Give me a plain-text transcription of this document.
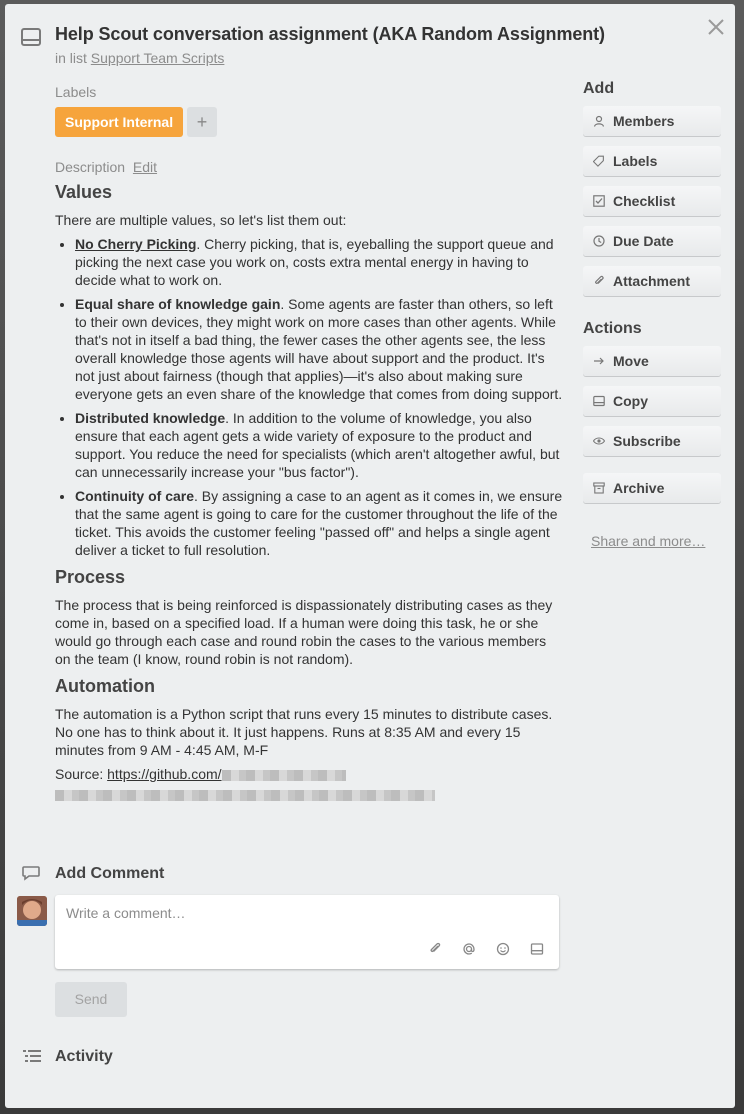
Help Scout conversation assignment (AKA Random Assignment)
in list Support Team Scripts
Labels
Support Internal	+
Description Edit
Values

There are multiple values, so let's list them out:

• No Cherry Picking. Cherry picking, that is, eyeballing the support queue and picking the next case you work on, costs extra mental energy in having to decide what to work on.
• Equal share of knowledge gain. Some agents are faster than others, so left to their own devices, they might work on more cases than other agents. While that's not in itself a bad thing, the fewer cases the other agents see, the less overall knowledge those agents will have about support and the product. It's not just about fairness (though that applies)—it's also about making sure everyone gets an even share of the knowledge that comes from doing support.
• Distributed knowledge. In addition to the volume of knowledge, you also ensure that each agent gets a wide variety of exposure to the product and support. You reduce the need for specialists (which aren't altogether awful, but can unnecessarily increase your "bus factor").
• Continuity of care. By assigning a case to an agent as it comes in, we ensure that the same agent is going to care for the customer throughout the life of the ticket. This avoids the customer feeling "passed off" and helps a single agent deliver a ticket to full resolution.
Process

The process that is being reinforced is dispassionately distributing cases as they come in, based on a specified load. If a human were doing this task, he or she would go through each case and round robin the cases to the various members on the team (I know, round robin is not random).

Automation

The automation is a Python script that runs every 15 minutes to distribute cases. No one has to think about it. It just happens. Runs at 8:35 AM and every 15 minutes from 9 AM - 4:45 AM, M-F

Source: https://github.com/

Add
Members
Labels
Checklist
Due Date
Attachment
Actions
Move
Copy
Subscribe
Archive
Share and more…
Add Comment
Write a comment…
Send
Activity
